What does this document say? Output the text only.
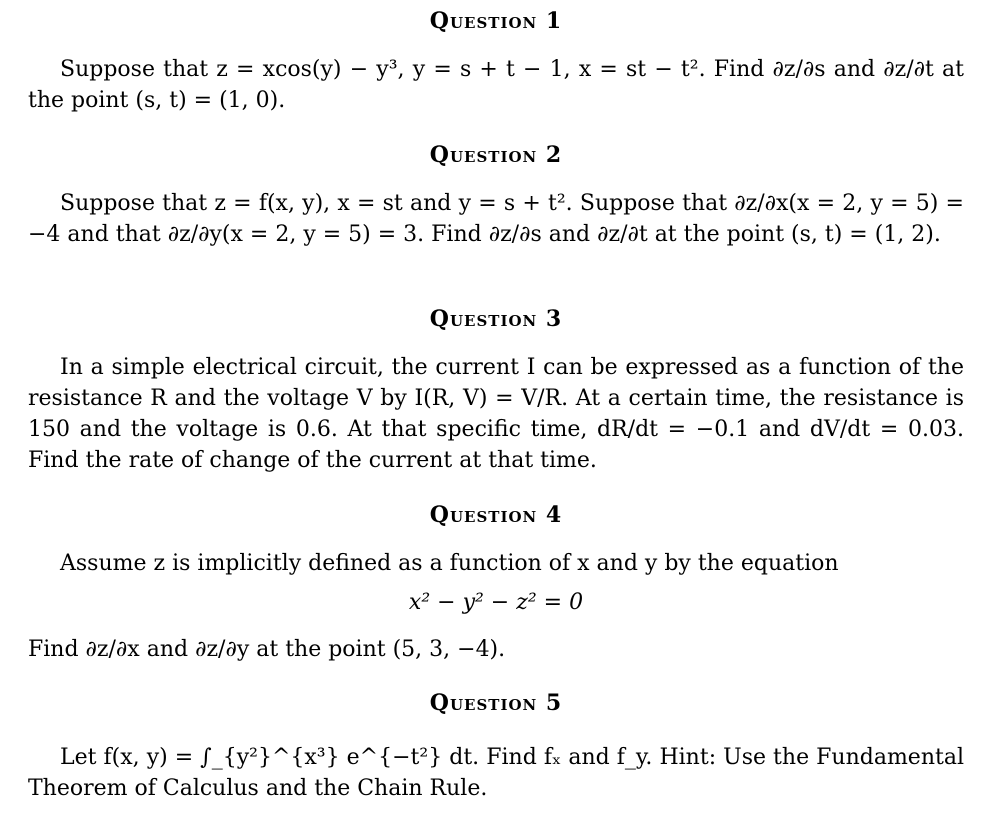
Question 1

Suppose that z = xcos(y) − y³, y = s + t − 1, x = st − t². Find ∂z/∂s and ∂z/∂t at the point (s, t) = (1, 0).

Question 2

Suppose that z = f(x, y), x = st and y = s + t². Suppose that ∂z/∂x(x = 2, y = 5) = −4 and that ∂z/∂y(x = 2, y = 5) = 3. Find ∂z/∂s and ∂z/∂t at the point (s, t) = (1, 2).

Question 3

In a simple electrical circuit, the current I can be expressed as a function of the resistance R and the voltage V by I(R, V) = V/R. At a certain time, the resistance is 150 and the voltage is 0.6. At that specific time, dR/dt = −0.1 and dV/dt = 0.03. Find the rate of change of the current at that time.

Question 4

Assume z is implicitly defined as a function of x and y by the equation

x² − y² − z² = 0

Find ∂z/∂x and ∂z/∂y at the point (5, 3, −4).

Question 5

Let f(x, y) = ∫_{y²}^{x³} e^{−t²} dt. Find fₓ and f_y. Hint: Use the Fundamental Theorem of Calculus and the Chain Rule.
